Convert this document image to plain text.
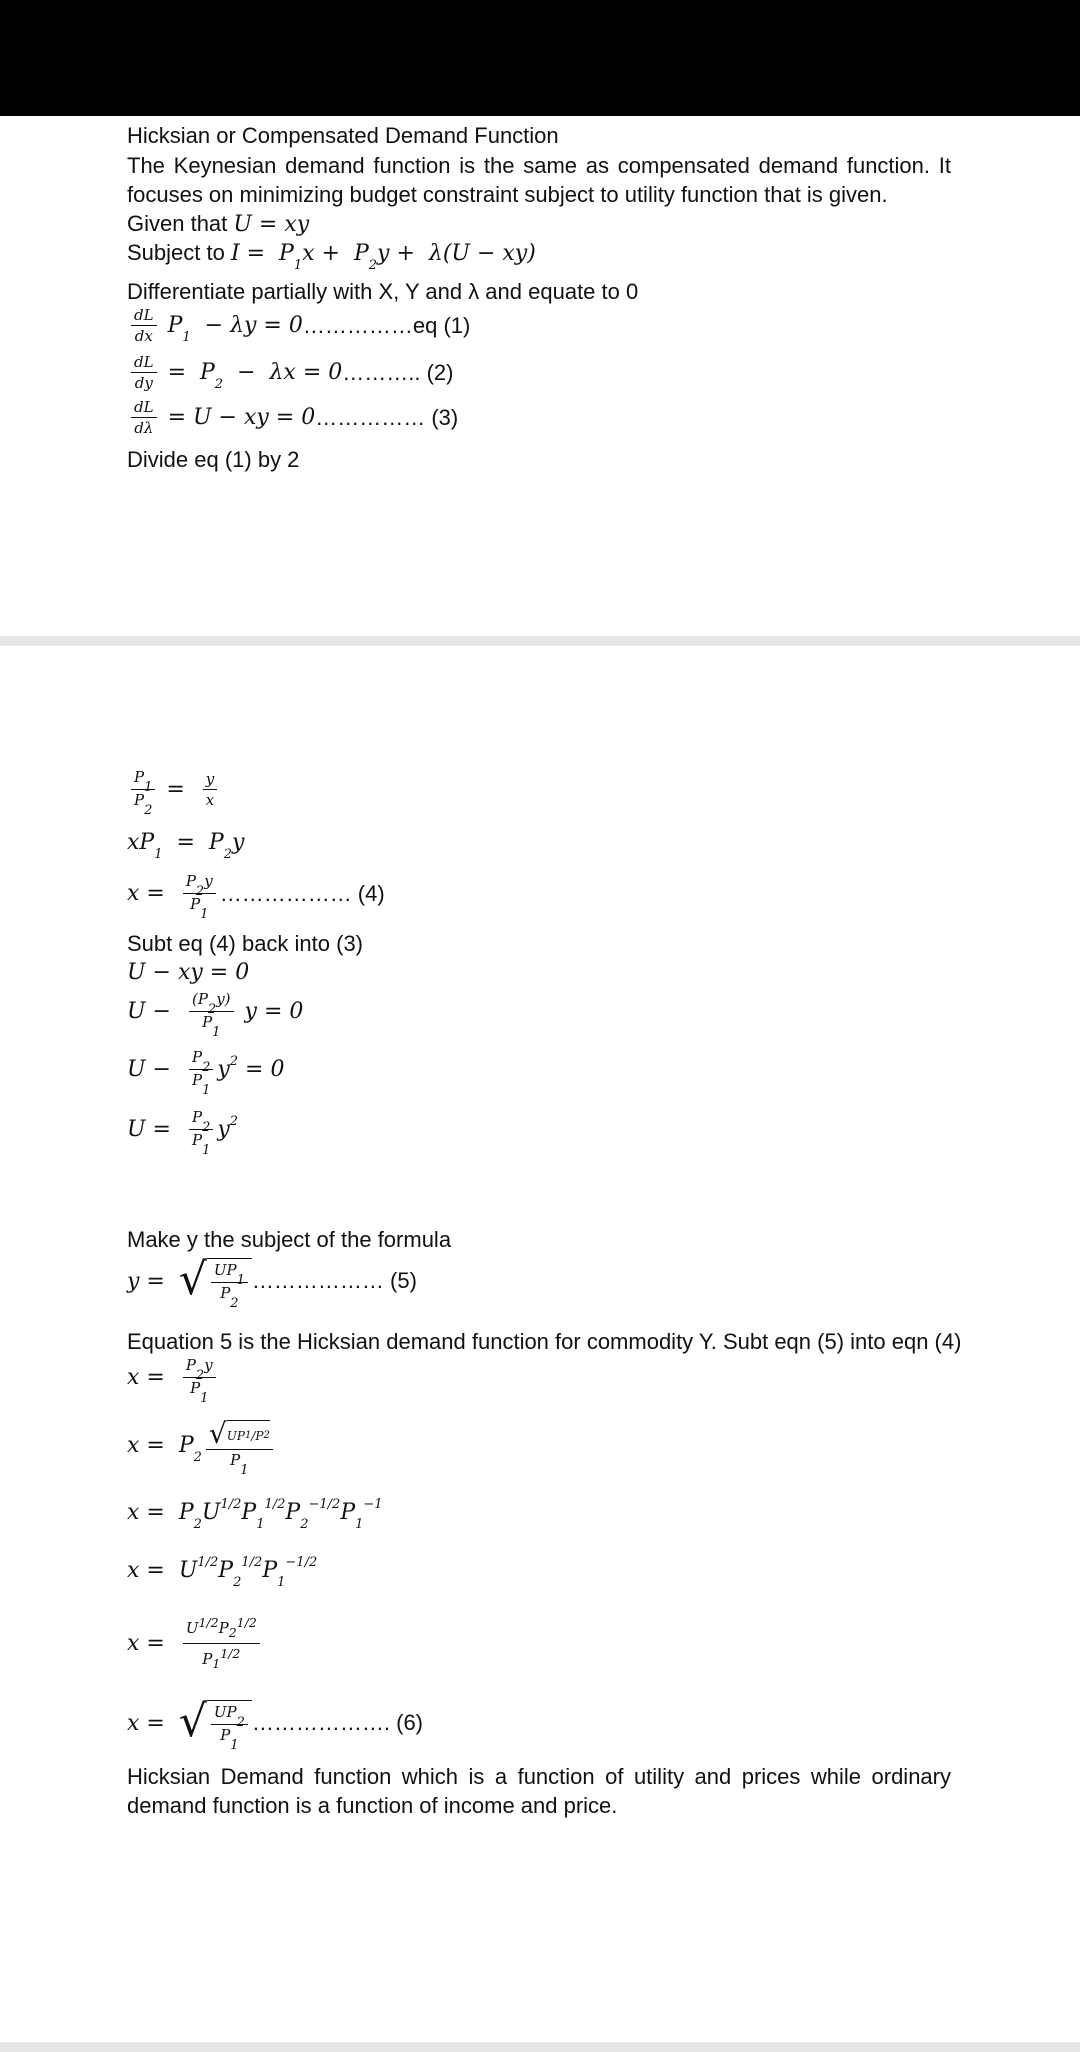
Hicksian or Compensated Demand Function
The Keynesian demand function is the same as compensated demand function. It focuses on minimizing budget constraint subject to utility function that is given.
Given that U = xy
Subject to $I = P_1x + P_2y + \lambda(U - xy)$
Differentiate partially with X, Y and λ and equate to 0
$\frac{dL}{dx} P_1 - \lambda y = 0$ ……………eq (1)
$\frac{dL}{dy} = P_2 - \lambda x = 0$ ……….. (2)
$\frac{dL}{d\lambda} = U$ − xy = 0 …………… (3)
Divide eq (1) by 2
$\frac{P1}{P2} = \frac{y}{x}$
$xP_1 = P_2y$
$x = \frac{P2y}{P1}$ ……………… (4)
Subt eq (4) back into (3)
U − xy = 0
$U - \frac{(P2y)}{P1}$ y = 0
$U - \frac{P2}{P1} y^2 = 0$
$U = \frac{P2}{P1} y^2$
Make y the subject of the formula
y = √ $\frac{UP1}{P2}$ ……………… (5)
Equation 5 is the Hicksian demand function for commodity Y. Subt eqn (5) into eqn (4)
$x = \frac{P2y}{P1}$
$x = P_2 \frac{√ UP 1 /P 2}{P1}$
$x = P_2U^{1/2}P_1^{1/2}P_2^{-1/2}P_1^{-1}$
$x = U^{1/2}P_2^{1/2}P_1^{-1/2}$
$x = \frac{U^{1/2}P_2^{1/2}}{P_1^{1/2}}$
x = √ $\frac{UP2}{P1}$ ………………. (6)
Hicksian Demand function which is a function of utility and prices while ordinary demand function is a function of income and price.
